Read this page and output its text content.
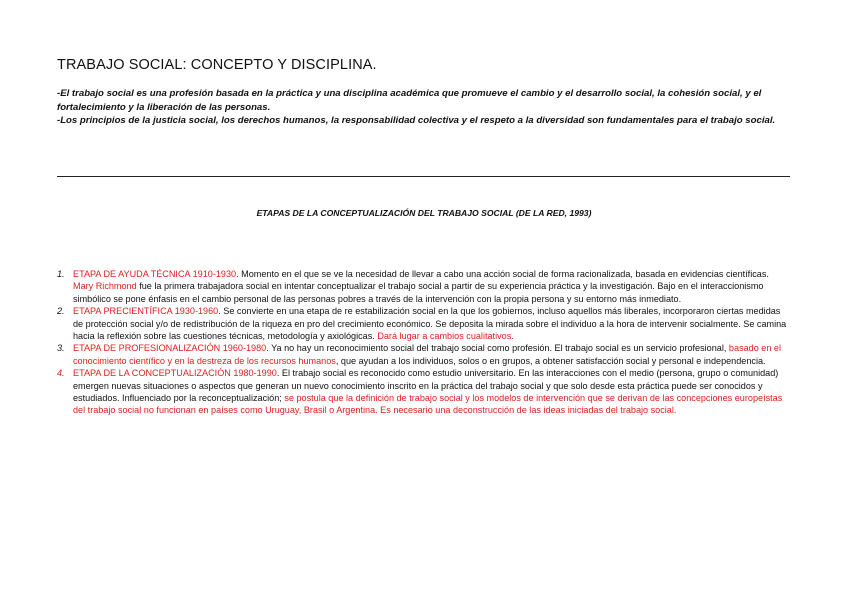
TRABAJO SOCIAL: CONCEPTO Y DISCIPLINA.

-El trabajo social es una profesión basada en la práctica y una disciplina académica que promueve el cambio y el desarrollo social, la cohesión social, y el fortalecimiento y la liberación de las personas.

-Los principios de la justicia social, los derechos humanos, la responsabilidad colectiva y el respeto a la diversidad son fundamentales para el trabajo social.

ETAPAS DE LA CONCEPTUALIZACIÓN DEL TRABAJO SOCIAL (DE LA RED, 1993)
1. ETAPA DE AYUDA TÉCNICA 1910-1930. Momento en el que se ve la necesidad de llevar a cabo una acción social de forma racionalizada, basada en evidencias científicas. Mary Richmond fue la primera trabajadora social en intentar conceptualizar el trabajo social a partir de su experiencia práctica y la investigación. Bajo en el interaccionismo simbólico se pone énfasis en el cambio personal de las personas pobres a través de la intervención con la propia persona y su entorno más inmediato.
2. ETAPA PRECIENTÍFICA 1930-1960. Se convierte en una etapa de re estabilización social en la que los gobiernos, incluso aquellos más liberales, incorporaron ciertas medidas de protección social y/o de redistribución de la riqueza en pro del crecimiento económico. Se deposita la mirada sobre el individuo a la hora de intervenir socialmente. Se camina hacia la reflexión sobre las cuestiones técnicas, metodología y axiológicas. Dará lugar a cambios cualitativos.
3. ETAPA DE PROFESIONALIZACIÓN 1960-1980. Ya no hay un reconocimiento social del trabajo social como profesión. El trabajo social es un servicio profesional, basado en el conocimiento científico y en la destreza de los recursos humanos, que ayudan a los individuos, solos o en grupos, a obtener satisfacción social y personal e independencia.
4. ETAPA DE LA CONCEPTUALIZACIÓN 1980-1990. El trabajo social es reconocido como estudio universitario. En las interacciones con el medio (persona, grupo o comunidad) emergen nuevas situaciones o aspectos que generan un nuevo conocimiento inscrito en la práctica del trabajo social y que solo desde esta práctica puede ser conocidos y estudiados. Influenciado por la reconceptualización; se postula que la definición de trabajo social y los modelos de intervención que se derivan de las concepciones europeístas del trabajo social no funcionan en países como Uruguay, Brasil o Argentina. Es necesario una deconstrucción de las ideas iniciadas del trabajo social.
